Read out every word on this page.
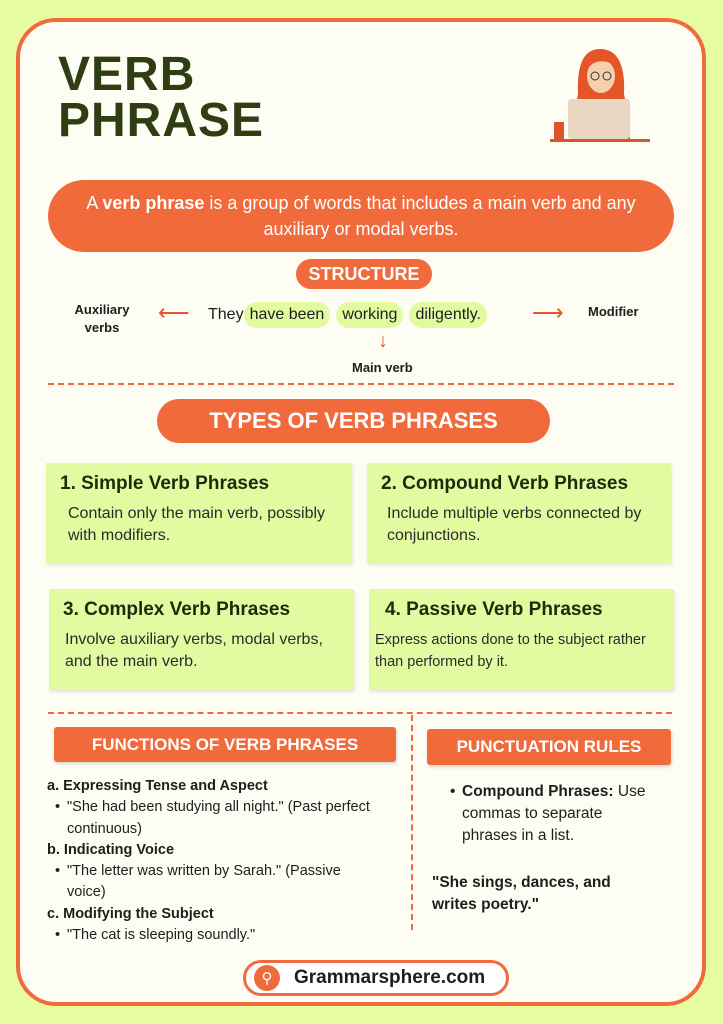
VERB
PHRASE
A verb phrase is a group of words that includes a main verb and any auxiliary or modal verbs.
STRUCTURE
Auxiliary verbs
⟵ They have been	working	diligently. ⟶ Modifier
↓
Main verb
TYPES OF VERB PHRASES
1. Simple Verb Phrases

Contain only the main verb, possibly with modifiers.

2. Compound Verb Phrases

Include multiple verbs connected by conjunctions.

3. Complex Verb Phrases

Involve auxiliary verbs, modal verbs, and the main verb.

4. Passive Verb Phrases

Express actions done to the subject rather than performed by it.

FUNCTIONS OF VERB PHRASES
a. Expressing Tense and Aspect
• "She had been studying all night." (Past perfect continuous)
b. Indicating Voice
• "The letter was written by Sarah." (Passive voice)
c. Modifying the Subject
• "The cat is sleeping soundly."
PUNCTUATION RULES
• Compound Phrases: Use commas to separate phrases in a list.
"She sings, dances, and writes poetry."
⚲	Grammarsphere.com
